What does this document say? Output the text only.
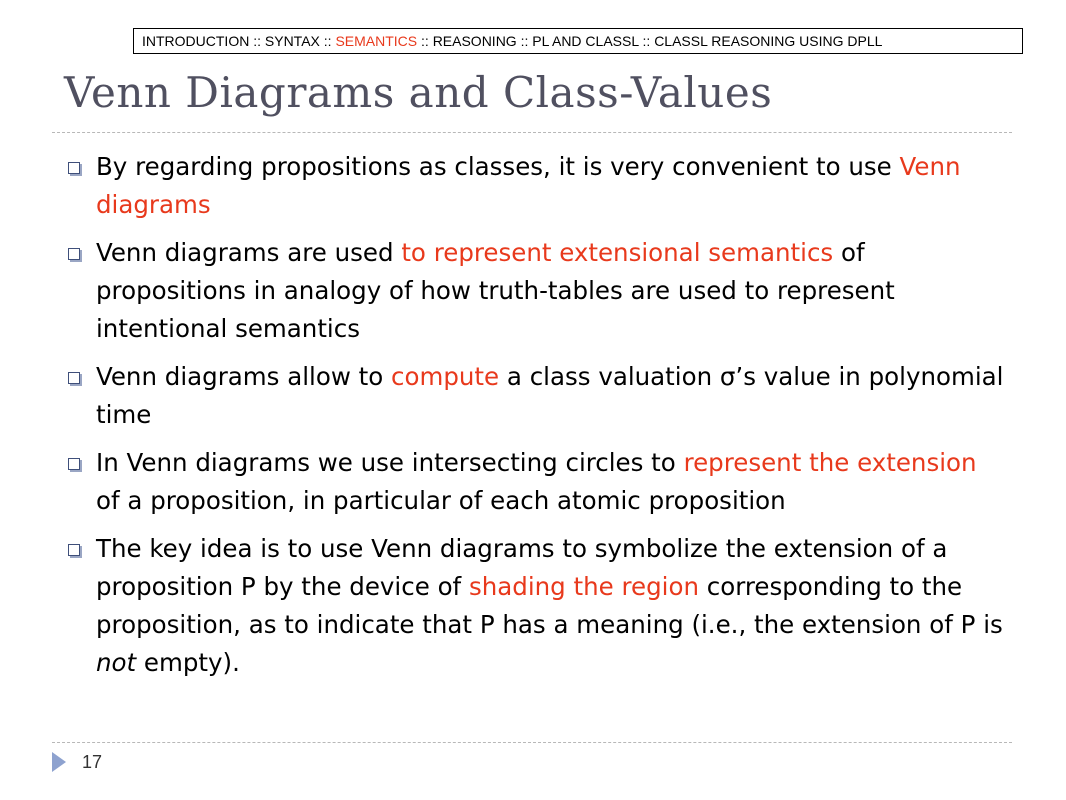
INTRODUCTION :: SYNTAX :: SEMANTICS :: REASONING :: PL AND CLASSL :: CLASSL REASONING USING DPLL
Venn Diagrams and Class-Values
By regarding propositions as classes, it is very convenient to use Venn diagrams
Venn diagrams are used to represent extensional semantics of propositions in analogy of how truth-tables are used to represent intentional semantics
Venn diagrams allow to compute a class valuation σ’s value in polynomial time
In Venn diagrams we use intersecting circles to represent the extension of a proposition, in particular of each atomic proposition
The key idea is to use Venn diagrams to symbolize the extension of a proposition P by the device of shading the region corresponding to the proposition, as to indicate that P has a meaning (i.e., the extension of P is not empty).
17
